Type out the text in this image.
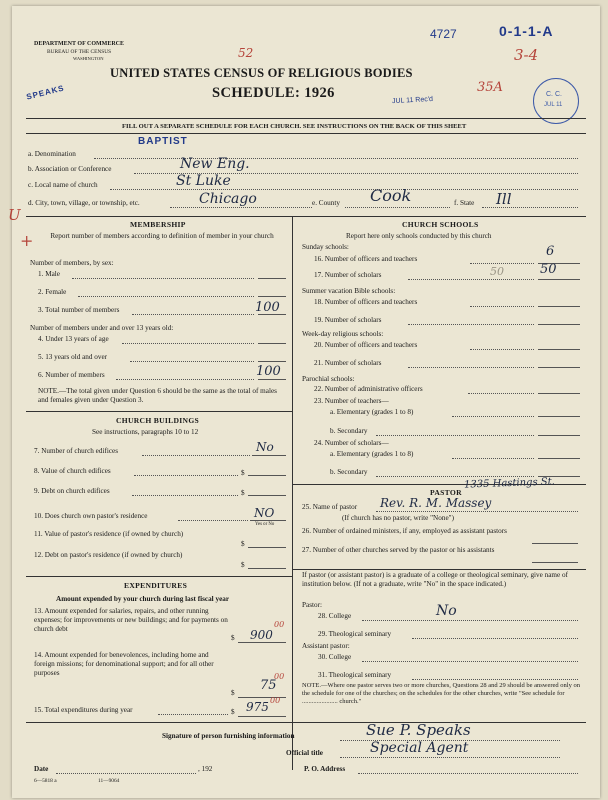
DEPARTMENT OF COMMERCE
BUREAU OF THE CENSUS
WASHINGTON
UNITED STATES CENSUS OF RELIGIOUS BODIES
SCHEDULE: 1926
4727	0-1-1-A
3-4
35A
52
SPEAKS	JUL 11 Rec'd
C. C.
JUL 11
FILL OUT A SEPARATE SCHEDULE FOR EACH CHURCH. SEE INSTRUCTIONS ON THE BACK OF THIS SHEET
BAPTIST
a. Denomination
b. Association or Conference	New Eng.
c. Local name of church	St Luke
d. City, town, village, or township, etc.	Chicago	e. County Cook	f. State Ill
U
+
MEMBERSHIP
Report number of members according to definition of member in your church
Number of members, by sex:
1. Male
2. Female
3. Total number of members	100
Number of members under and over 13 years old:
4. Under 13 years of age
5. 13 years old and over
6. Number of members	100
NOTE.—The total given under Question 6 should be the same as the total of males and females given under Question 3.
CHURCH BUILDINGS
See instructions, paragraphs 10 to 12
7. Number of church edifices	No
8. Value of church edifices	$
9. Debt on church edifices	$
10. Does church own pastor's residence	NO
Yes or No
11. Value of pastor's residence (if owned by church)
$
12. Debt on pastor's residence (if owned by church)
$
EXPENDITURES
Amount expended by your church during last fiscal year
13. Amount expended for salaries, repairs, and other running expenses; for improvements or new buildings; and for payments on church debt
$ 900
00
14. Amount expended for benevolences, including home and foreign missions; for denominational support; and for all other purposes
$ 75
00
15. Total expenditures during year	$ 975 00
CHURCH SCHOOLS
Report here only schools conducted by this church
Sunday schools:
16. Number of officers and teachers	6
17. Number of scholars	50	50
Summer vacation Bible schools:
18. Number of officers and teachers
19. Number of scholars
Week-day religious schools:
20. Number of officers and teachers
21. Number of scholars
Parochial schools:
22. Number of administrative officers
23. Number of teachers—
a. Elementary (grades 1 to 8)
b. Secondary
24. Number of scholars—
a. Elementary (grades 1 to 8)
b. Secondary
PASTOR
1335 Hastings St.
25. Name of pastor Rev. R. M. Massey
(If church has no pastor, write "None")
26. Number of ordained ministers, if any, employed as assistant pastors
27. Number of other churches served by the pastor or his assistants
If pastor (or assistant pastor) is a graduate of a college or theological seminary, give name of institution below. (If not a graduate, write "No" in the space indicated.)
Pastor:
28. College	No
29. Theological seminary
Assistant pastor:
30. College
31. Theological seminary
NOTE.—Where one pastor serves two or more churches, Questions 28 and 29 should be answered only on the schedule for one of the churches; on the schedules for the other churches, write "See schedule for ...................... church."
Signature of person furnishing information	Sue P. Speaks
Official title	Special Agent
Date	, 192	P. O. Address
6—5818 a	11—9064
